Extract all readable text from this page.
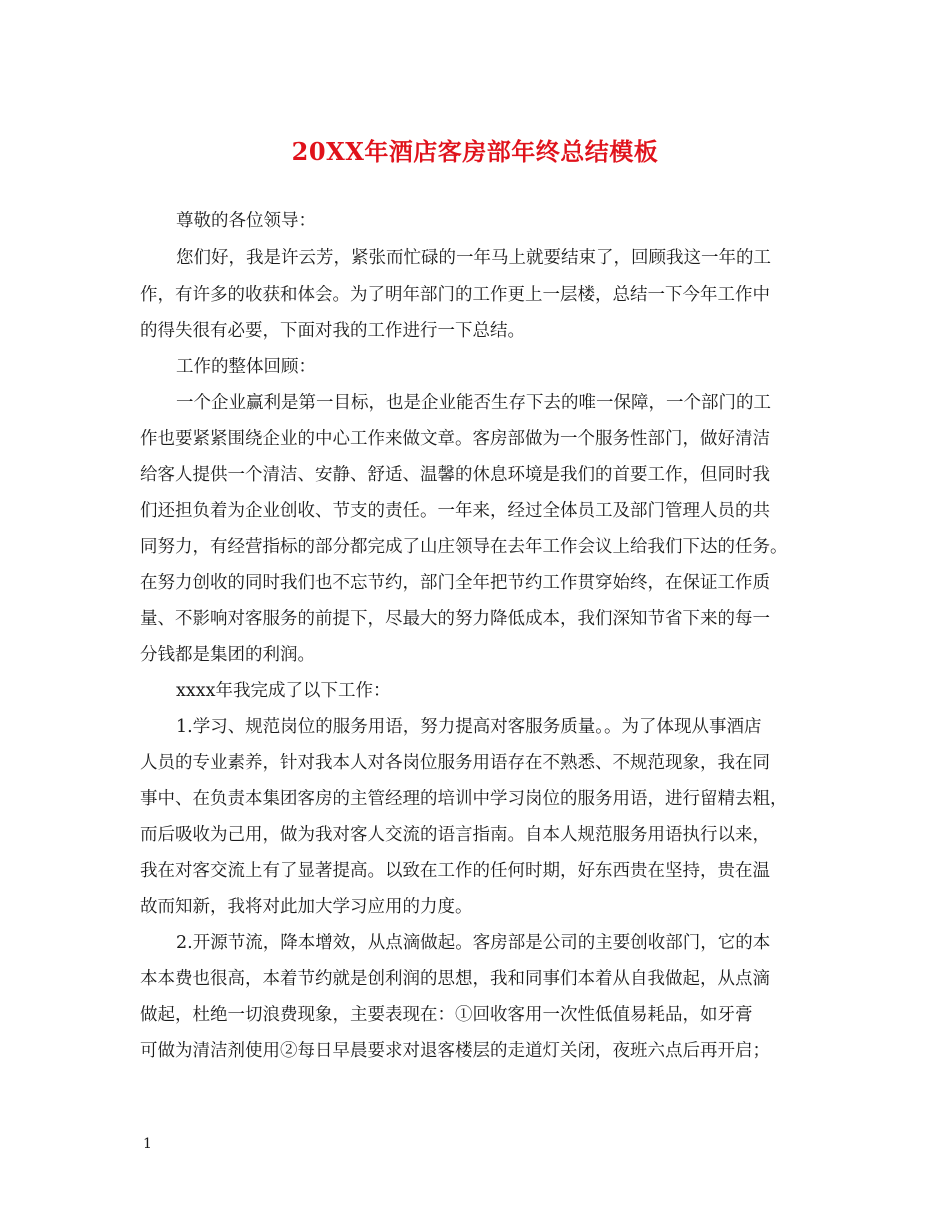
20XX年酒店客房部年终总结模板
尊敬的各位领导：
您们好，我是许云芳，紧张而忙碌的一年马上就要结束了，回顾我这一年的工
作，有许多的收获和体会。为了明年部门的工作更上一层楼，总结一下今年工作中
的得失很有必要，下面对我的工作进行一下总结。
工作的整体回顾：
一个企业赢利是第一目标，也是企业能否生存下去的唯一保障，一个部门的工
作也要紧紧围绕企业的中心工作来做文章。客房部做为一个服务性部门，做好清洁
给客人提供一个清洁、安静、舒适、温馨的休息环境是我们的首要工作，但同时我
们还担负着为企业创收、节支的责任。一年来，经过全体员工及部门管理人员的共
同努力，有经营指标的部分都完成了山庄领导在去年工作会议上给我们下达的任务。
在努力创收的同时我们也不忘节约，部门全年把节约工作贯穿始终，在保证工作质
量、不影响对客服务的前提下，尽最大的努力降低成本，我们深知节省下来的每一
分钱都是集团的利润。
xxxx年我完成了以下工作：
1.学习、规范岗位的服务用语，努力提高对客服务质量。。为了体现从事酒店
人员的专业素养，针对我本人对各岗位服务用语存在不熟悉、不规范现象，我在同
事中、在负责本集团客房的主管经理的培训中学习岗位的服务用语，进行留精去粗，
而后吸收为己用，做为我对客人交流的语言指南。自本人规范服务用语执行以来，
我在对客交流上有了显著提高。以致在工作的任何时期，好东西贵在坚持，贵在温
故而知新，我将对此加大学习应用的力度。
2.开源节流，降本增效，从点滴做起。客房部是公司的主要创收部门，它的本
本本费也很高，本着节约就是创利润的思想，我和同事们本着从自我做起，从点滴
做起，杜绝一切浪费现象，主要表现在：①回收客用一次性低值易耗品，如牙膏
可做为清洁剂使用②每日早晨要求对退客楼层的走道灯关闭，夜班六点后再开启；
1
